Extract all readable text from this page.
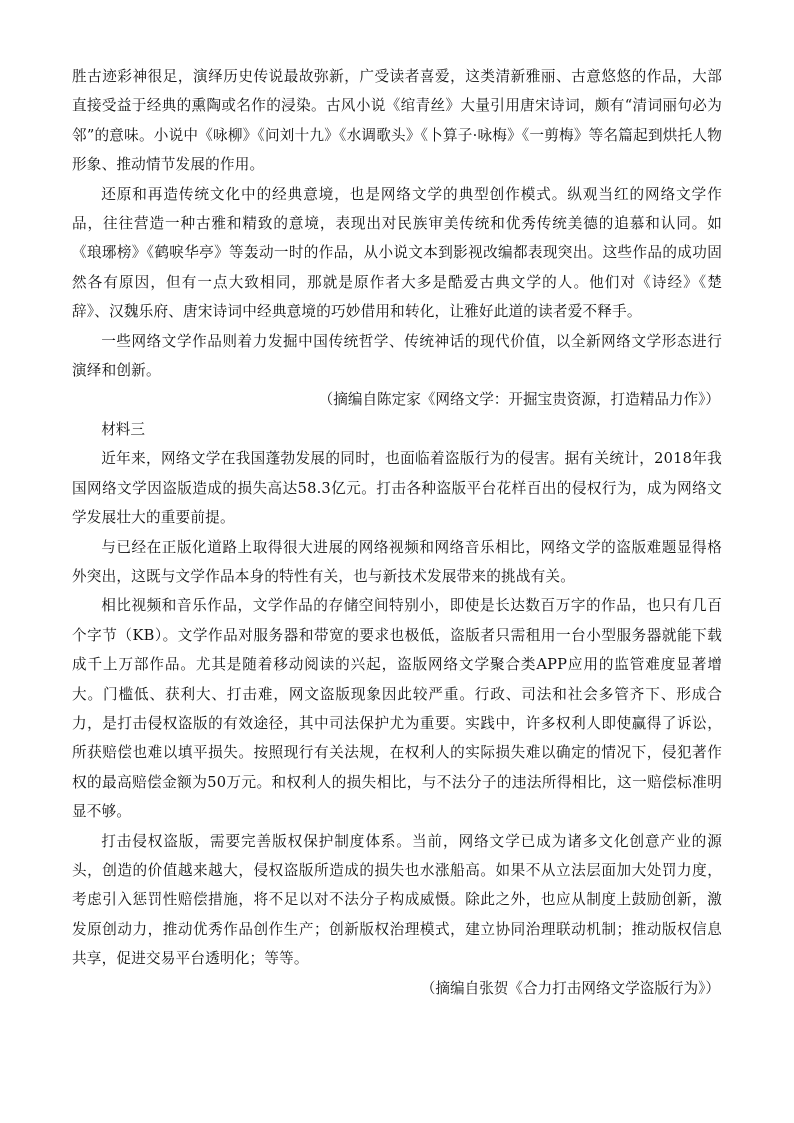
胜古迹彩神很足，演绎历史传说最故弥新，广受读者喜爱，这类清新雅丽、古意悠悠的作品，大部直接受益于经典的熏陶或名作的浸染。古风小说《绾青丝》大量引用唐宋诗词，颇有“清词丽句必为邻”的意味。小说中《咏柳》《问刘十九》《水调歌头》《卜算子·咏梅》《一剪梅》等名篇起到烘托人物形象、推动情节发展的作用。

还原和再造传统文化中的经典意境，也是网络文学的典型创作模式。纵观当红的网络文学作品，往往营造一种古雅和精致的意境，表现出对民族审美传统和优秀传统美德的追慕和认同。如《琅琊榜》《鹤唳华亭》等轰动一时的作品，从小说文本到影视改编都表现突出。这些作品的成功固然各有原因，但有一点大致相同，那就是原作者大多是酷爱古典文学的人。他们对《诗经》《楚辞》、汉魏乐府、唐宋诗词中经典意境的巧妙借用和转化，让雅好此道的读者爱不释手。

一些网络文学作品则着力发掘中国传统哲学、传统神话的现代价值，以全新网络文学形态进行演绎和创新。

（摘编自陈定家《网络文学：开掘宝贵资源，打造精品力作》）

材料三

近年来，网络文学在我国蓬勃发展的同时，也面临着盗版行为的侵害。据有关统计，2018年我国网络文学因盗版造成的损失高达58.3亿元。打击各种盗版平台花样百出的侵权行为，成为网络文学发展壮大的重要前提。

与已经在正版化道路上取得很大进展的网络视频和网络音乐相比，网络文学的盗版难题显得格外突出，这既与文学作品本身的特性有关，也与新技术发展带来的挑战有关。

相比视频和音乐作品，文学作品的存储空间特别小，即使是长达数百万字的作品，也只有几百个字节（KB）。文学作品对服务器和带宽的要求也极低，盗版者只需租用一台小型服务器就能下载成千上万部作品。尤其是随着移动阅读的兴起，盗版网络文学聚合类APP应用的监管难度显著增大。门槛低、获利大、打击难，网文盗版现象因此较严重。行政、司法和社会多管齐下、形成合力，是打击侵权盗版的有效途径，其中司法保护尤为重要。实践中，许多权利人即使赢得了诉讼，所获赔偿也难以填平损失。按照现行有关法规，在权利人的实际损失难以确定的情况下，侵犯著作权的最高赔偿金额为50万元。和权利人的损失相比，与不法分子的违法所得相比，这一赔偿标准明显不够。

打击侵权盗版，需要完善版权保护制度体系。当前，网络文学已成为诸多文化创意产业的源头，创造的价值越来越大，侵权盗版所造成的损失也水涨船高。如果不从立法层面加大处罚力度，考虑引入惩罚性赔偿措施，将不足以对不法分子构成威慑。除此之外，也应从制度上鼓励创新，激发原创动力，推动优秀作品创作生产；创新版权治理模式，建立协同治理联动机制；推动版权信息共享，促进交易平台透明化；等等。

（摘编自张贺《合力打击网络文学盗版行为》）
